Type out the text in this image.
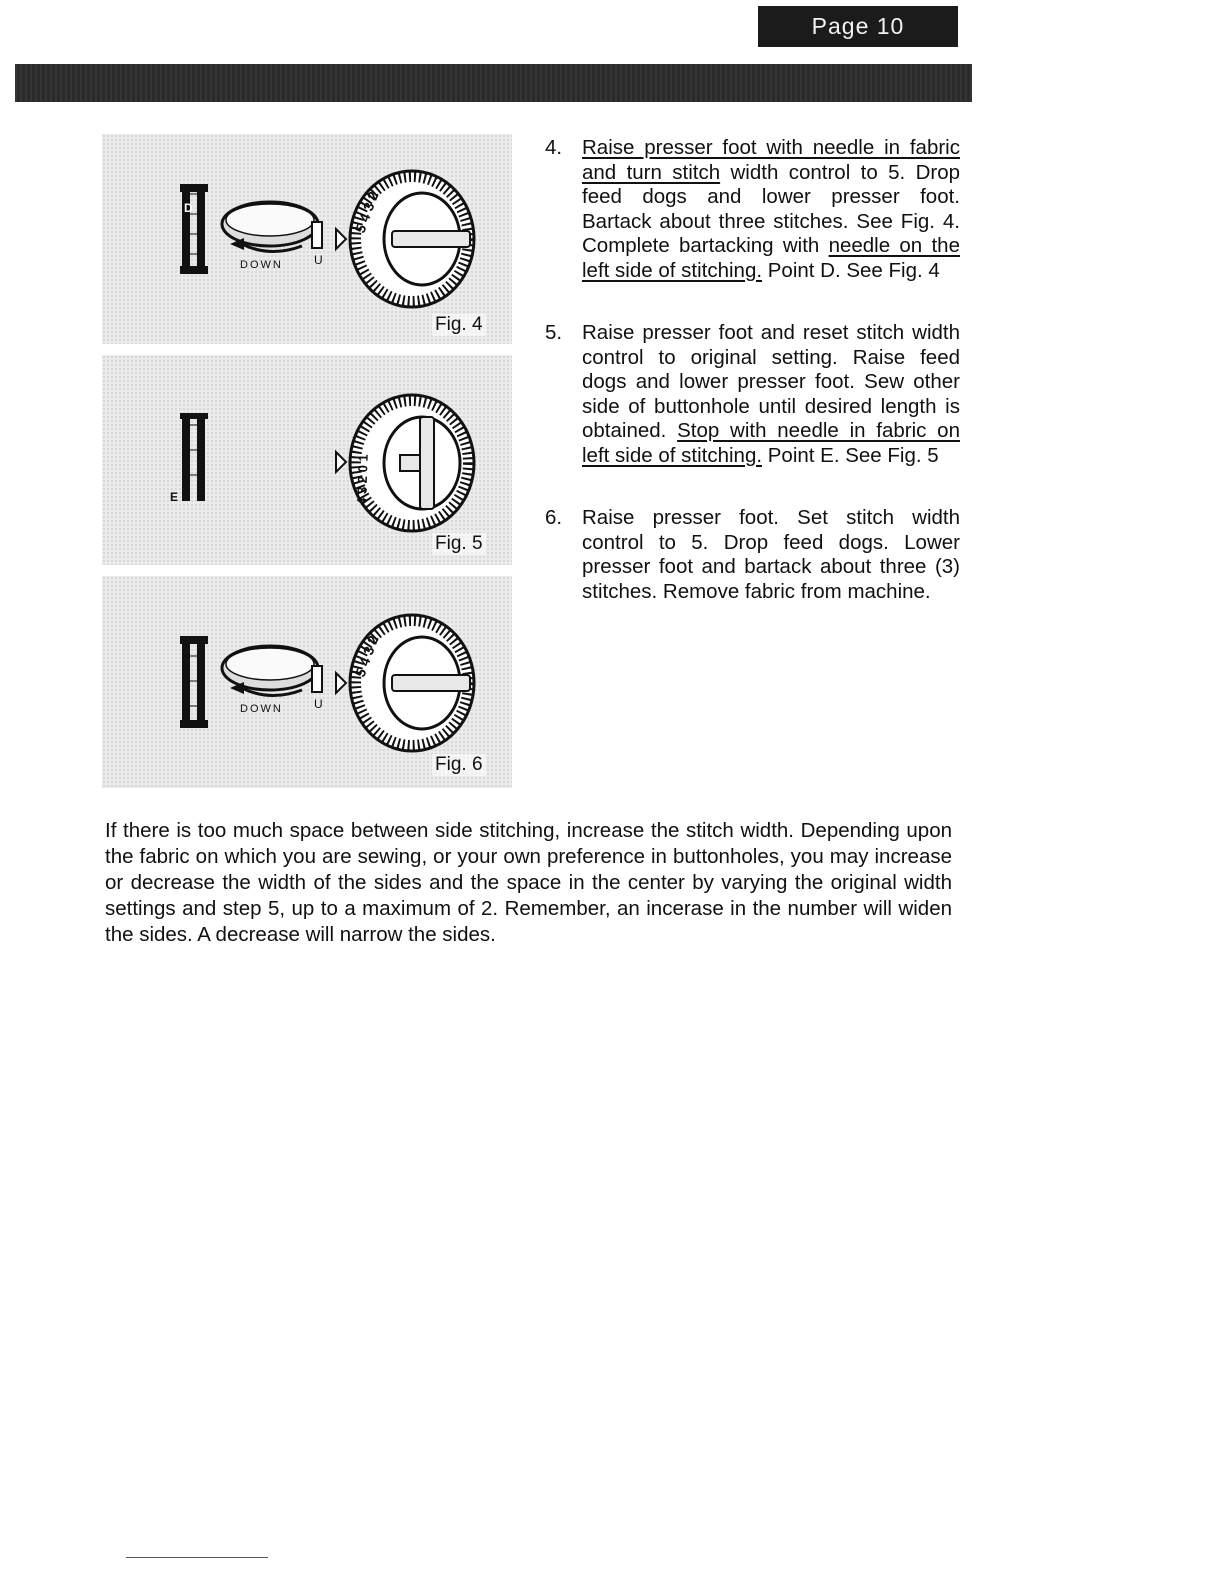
Page 10
D
DOWN	U
5 4 3 2
Fig. 4
E	4 3 2 0 1
Fig. 5
DOWN	U
5 4 3 2
Fig. 6
4. Raise presser foot with needle in fabric and turn stitch width control to 5. Drop feed dogs and lower presser foot. Bartack about three stitches. See Fig. 4. Complete bartacking with needle on the left side of stitching. Point D. See Fig. 4

5. Raise presser foot and reset stitch width control to original setting. Raise feed dogs and lower presser foot. Sew other side of buttonhole until desired length is obtained. Stop with needle in fabric on left side of stitching. Point E. See Fig. 5

6. Raise presser foot. Set stitch width control to 5. Drop feed dogs. Lower presser foot and bartack about three (3) stitches. Remove fabric from machine.

If there is too much space between side stitching, increase the stitch width. Depending upon the fabric on which you are sewing, or your own preference in buttonholes, you may increase or decrease the width of the sides and the space in the center by varying the original width settings and step 5, up to a maximum of 2. Remember, an incerase in the number will widen the sides. A decrease will narrow the sides.
